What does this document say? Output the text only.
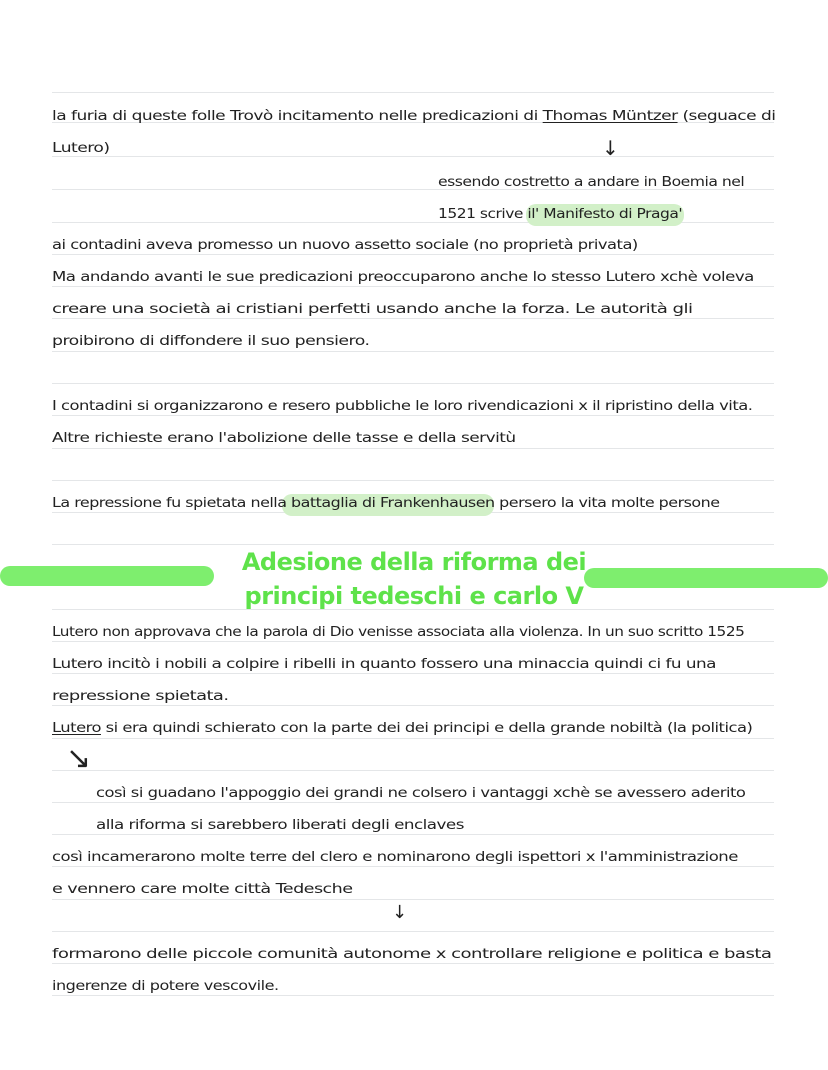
la furia di queste folle Trovò incitamento nelle predicazioni di Thomas Müntzer (seguace di
Lutero)
essendo costretto a andare in Boemia nel
1521 scrive il' Manifesto di Praga'
ai contadini aveva promesso un nuovo assetto sociale (no proprietà privata)
Ma andando avanti le sue predicazioni preoccuparono anche lo stesso Lutero xchè voleva
creare una società ai cristiani perfetti usando anche la forza. Le autorità gli
proibirono di diffondere il suo pensiero.
I contadini si organizzarono e resero pubbliche le loro rivendicazioni x il ripristino della vita.
Altre richieste erano l'abolizione delle tasse e della servitù
La repressione fu spietata nella battaglia di Frankenhausen persero la vita molte persone
Lutero non approvava che la parola di Dio venisse associata alla violenza. In un suo scritto 1525
Lutero incitò i nobili a colpire i ribelli in quanto fossero una minaccia quindi ci fu una
repressione spietata.
Lutero si era quindi schierato con la parte dei dei principi e della grande nobiltà (la politica)
così si guadano l'appoggio dei grandi ne colsero i vantaggi xchè se avessero aderito
alla riforma si sarebbero liberati degli enclaves
così incamerarono molte terre del clero e nominarono degli ispettori x l'amministrazione
e vennero care molte città Tedesche
formarono delle piccole comunità autonome x controllare religione e politica e basta
ingerenze di potere vescovile.
Adesione della riforma dei
principi tedeschi e carlo V
↓
↘
↓
